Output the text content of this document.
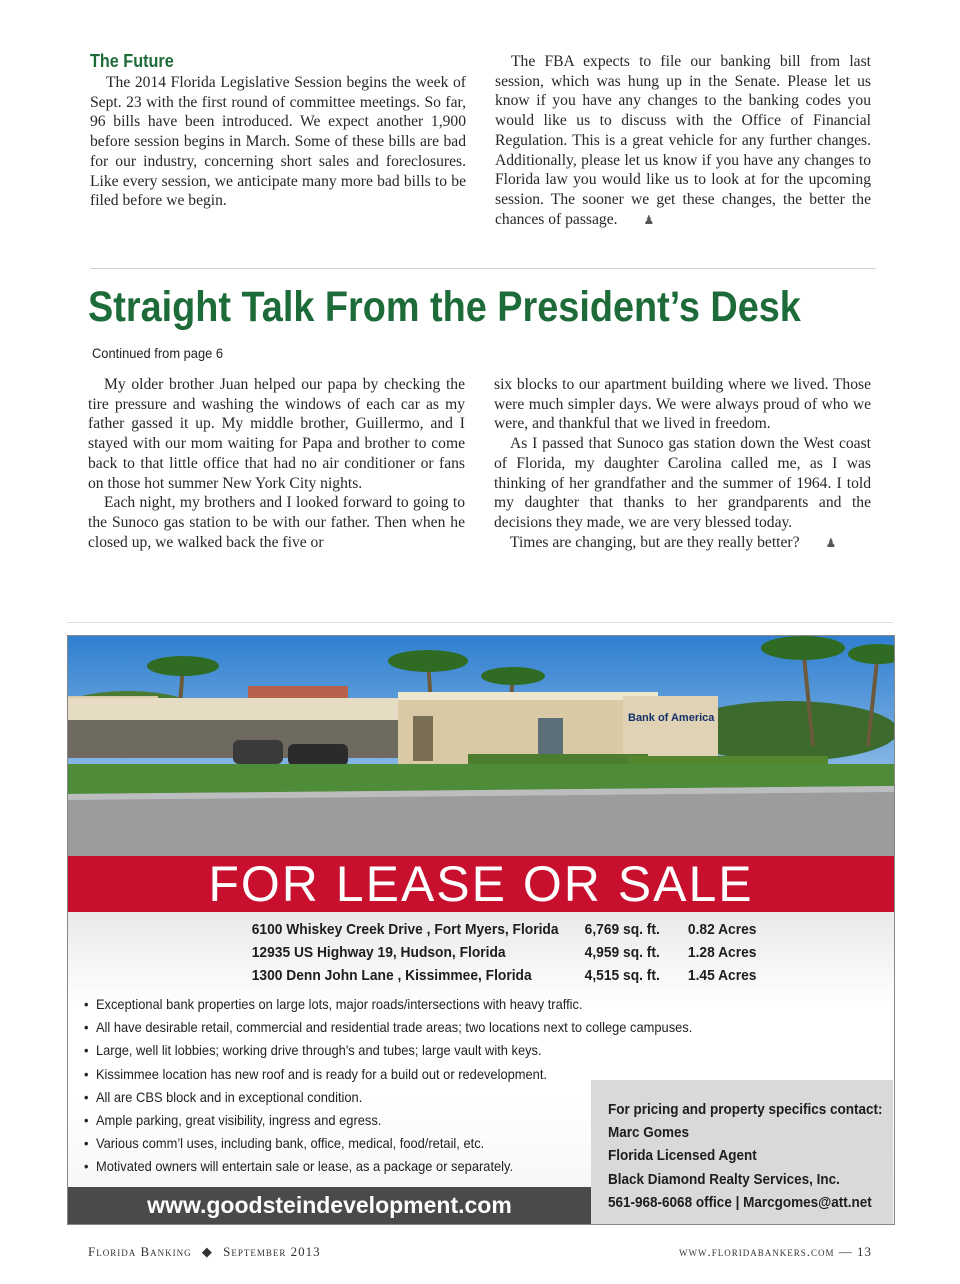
The Future

The 2014 Florida Legislative Session begins the week of Sept. 23 with the first round of committee meetings. So far, 96 bills have been introduced. We expect another 1,900 before session begins in March. Some of these bills are bad for our industry, concerning short sales and foreclosures. Like every session, we anticipate many more bad bills to be filed before we begin.

The FBA expects to file our banking bill from last session, which was hung up in the Senate. Please let us know if you have any changes to the banking codes you would like us to discuss with the Office of Financial Regulation. This is a great vehicle for any further changes. Additionally, please let us know if you have any changes to Florida law you would like us to look at for the upcoming session. The sooner we get these changes, the better the chances of passage. ♟

Straight Talk From the President’s Desk
Continued from page 6

My older brother Juan helped our papa by checking the tire pressure and washing the windows of each car as my father gassed it up. My middle brother, Guillermo, and I stayed with our mom waiting for Papa and brother to come back to that little office that had no air conditioner or fans on those hot summer New York City nights.

Each night, my brothers and I looked forward to going to the Sunoco gas station to be with our father. Then when he closed up, we walked back the five or

six blocks to our apartment building where we lived. Those were much simpler days. We were always proud of who we were, and thankful that we lived in freedom.

As I passed that Sunoco gas station down the West coast of Florida, my daughter Carolina called me, as I was thinking of her grandfather and the summer of 1964. I told my daughter that thanks to her grandparents and the decisions they made, we are very blessed today.

Times are changing, but are they really better? ♟

Bank of America
FOR LEASE OR SALE
6100 Whiskey Creek Drive , Fort Myers, Florida	6,769 sq. ft.	0.82 Acres
12935 US Highway 19, Hudson, Florida	4,959 sq. ft.	1.28 Acres
1300 Denn John Lane , Kissimmee, Florida	4,515 sq. ft.	1.45 Acres
• Exceptional bank properties on large lots, major roads/intersections with heavy traffic.
• All have desirable retail, commercial and residential trade areas; two locations next to college campuses.
• Large, well lit lobbies; working drive through's and tubes; large vault with keys.
• Kissimmee location has new roof and is ready for a build out or redevelopment.
• All are CBS block and in exceptional condition.
• Ample parking, great visibility, ingress and egress.
• Various comm’l uses, including bank, office, medical, food/retail, etc.
• Motivated owners will entertain sale or lease, as a package or separately.
For pricing and property specifics contact:
Marc Gomes
Florida Licensed Agent
Black Diamond Realty Services, Inc.
561-968-6068 office | Marcgomes@att.net
www.goodsteindevelopment.com
Florida Banking ◆ September 2013	www.floridabankers.com — 13
